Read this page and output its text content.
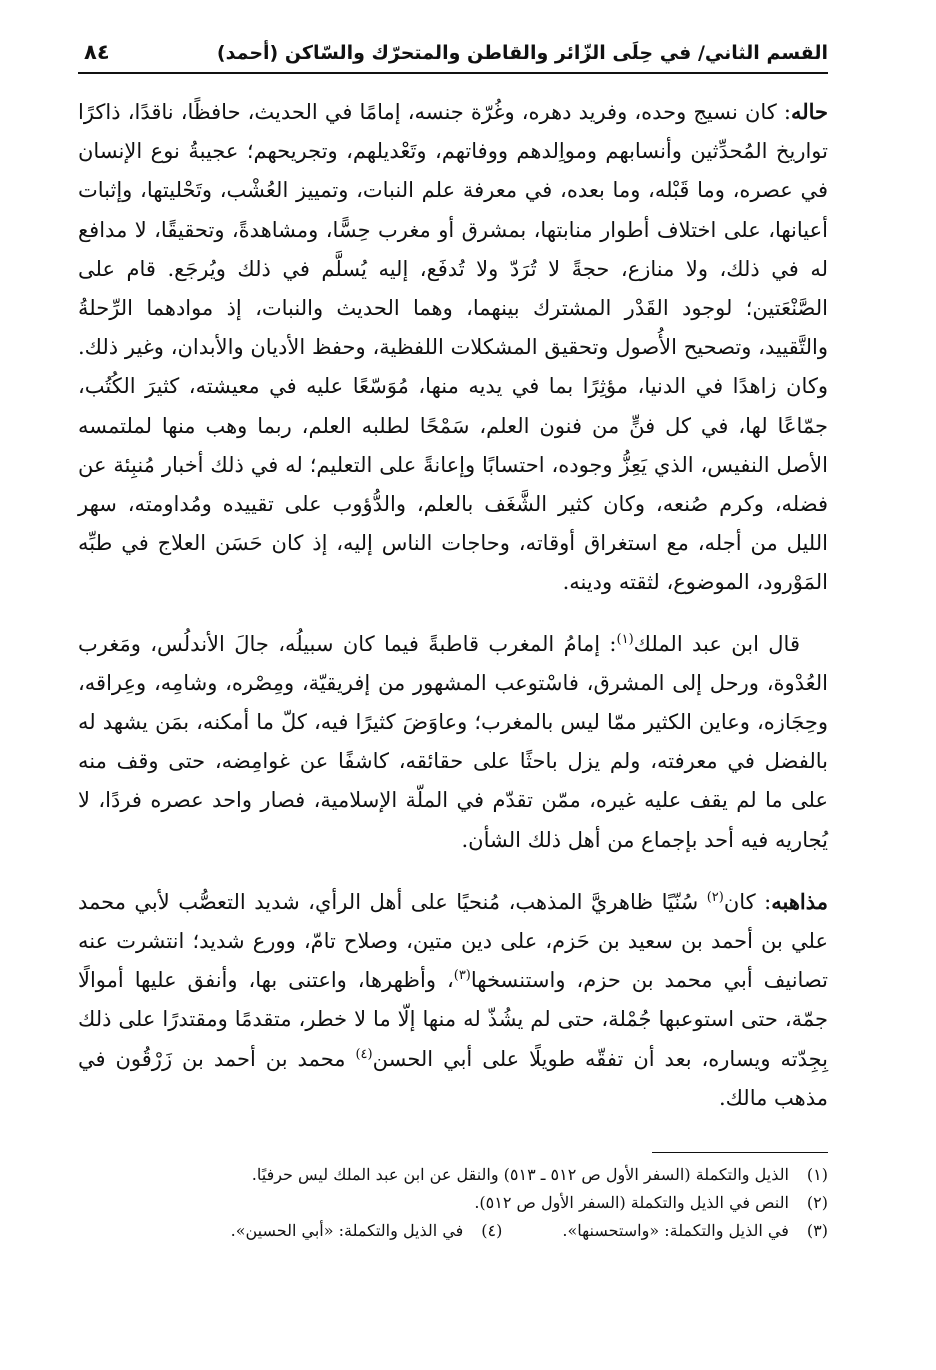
القسم الثاني/ في حِلَى الزّائر والقاطن والمتحرّك والسّاكن (أحمد)
٨٤

حاله: كان نسيج وحده، وفريد دهره، وغُرّة جنسه، إمامًا في الحديث، حافظًا، ناقدًا، ذاكرًا تواريخ المُحدِّثين وأنسابهم ومواِلدهم ووفاتهم، وتَعْديلهم، وتجريحهم؛ عجيبةُ نوع الإنسان في عصره، وما قَبْله، وما بعده، في معرفة علم النبات، وتمييز العُشْب، وتَحْليتها، وإثبات أعيانها، على اختلاف أطوار منابتها، بمشرق أو مغرب حِسًّا، ومشاهدةً، وتحقيقًا، لا مدافع له في ذلك، ولا منازع، حجةً لا تُرَدّ ولا تُدفَع، إليه يُسلَّم في ذلك ويُرجَع. قام على الصَّنْعَتين؛ لوجود القَدْر المشترك بينهما، وهما الحديث والنبات، إذ موادهما الرِّحلةُ والتَّقييد، وتصحيح الأُصول وتحقيق المشكلات اللفظية، وحفظ الأديان والأبدان، وغير ذلك. وكان زاهدًا في الدنيا، مؤثِرًا بما في يديه منها، مُوَسّعًا عليه في معيشته، كثيرَ الكُتُب، جمّاعًا لها، في كل فنٍّ من فنون العلم، سَمْحًا لطلبه العلم، ربما وهب منها لملتمسه الأصل النفيس، الذي يَعِزُّ وجوده، احتسابًا وإعانةً على التعليم؛ له في ذلك أخبار مُنبِئة عن فضله، وكرم صُنعه، وكان كثير الشَّغَف بالعلم، والدُّؤوب على تقييده ومُداومته، سهر الليل من أجله، مع استغراق أوقاته، وحاجات الناس إليه، إذ كان حَسَن العلاج في طبِّه المَوْرود، الموضوع، لثقته ودينه.

قال ابن عبد الملك$^{(١)}$: إمامُ المغرب قاطبةً فيما كان سبيلُه، جالَ الأندلُس، ومَغرب العُدْوة، ورحل إلى المشرق، فاسْتوعب المشهور من إفريقيّة، ومِصْره، وشامِه، وعِراقه، وحِجَازه، وعاين الكثير ممّا ليس بالمغرب؛ وعاوَضَ كثيرًا فيه، كلّ ما أمكنه، بمَن يشهد له بالفضل في معرفته، ولم يزل باحثًا على حقائقه، كاشفًا عن غوامِضه، حتى وقف منه على ما لم يقف عليه غيره، ممّن تقدّم في الملّة الإسلامية، فصار واحد عصره فردًا، لا يُجاريه فيه أحد بإجماع من أهل ذلك الشأن.

مذاهبه: كان$^{(٢)}$ سُنّيًا ظاهريَّ المذهب، مُنحيًا على أهل الرأي، شديد التعصُّب لأبي محمد علي بن أحمد بن سعيد بن حَزم، على دين متين، وصلاح تامّ، وورع شديد؛ انتشرت عنه تصانيف أبي محمد بن حزم، واستنسخها$^{(٣)}$، وأظهرها، واعتنى بها، وأنفق عليها أموالًا جمّة، حتى استوعبها جُمْلة، حتى لم يشُذّ له منها إلّا ما لا خطر، متقدمًا ومقتدرًا على ذلك بِجِدّته ويساره، بعد أن تفقّه طويلًا على أبي الحسن$^{(٤)}$ محمد بن أحمد بن زَرْقُون في مذهب مالك.

(١) الذيل والتكملة (السفر الأول ص ٥١٢ ـ ٥١٣) والنقل عن ابن عبد الملك ليس حرفيًا.

(٢) النص في الذيل والتكملة (السفر الأول ص ٥١٢).

(٣) في الذيل والتكملة: «واستحسنها».
(٤) في الذيل والتكملة: «أبي الحسين».
